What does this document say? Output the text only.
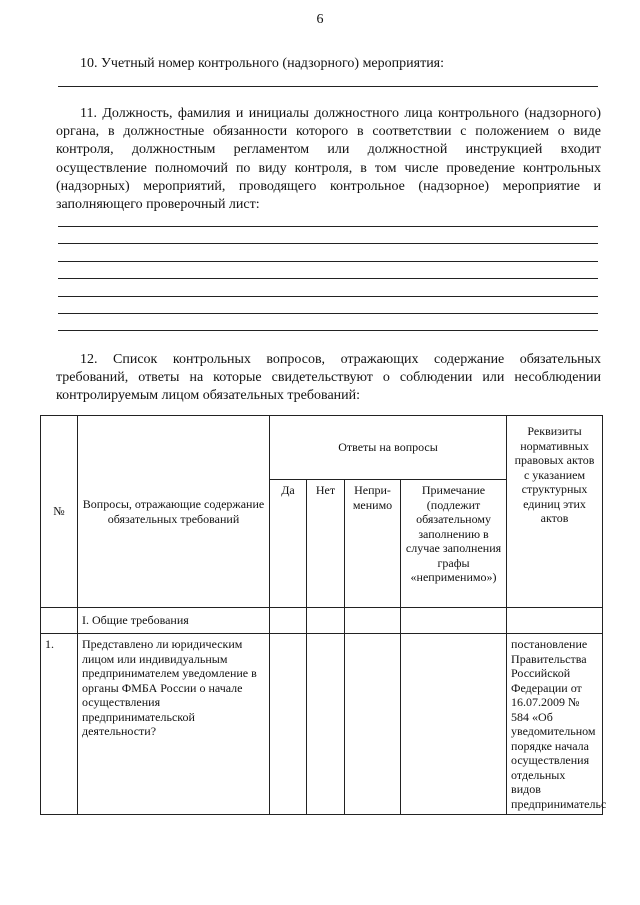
6
10. Учетный номер контрольного (надзорного) мероприятия:
11. Должность, фамилия и инициалы должностного лица контрольного (надзорного) органа, в должностные обязанности которого в соответствии с положением о виде контроля, должностным регламентом или должностной инструкцией входит осуществление полномочий по виду контроля, в том числе проведение контрольных (надзорных) мероприятий, проводящего контрольное (надзорное) мероприятие и заполняющего проверочный лист:
12. Список контрольных вопросов, отражающих содержание обязательных требований, ответы на которые свидетельствуют о соблюдении или несоблюдении контролируемым лицом обязательных требований:
№	Вопросы, отражающие содержание обязательных требований	Ответы на вопросы				Реквизиты нормативных правовых актов с указанием структурных единиц этих актов
		Да	Нет	Непри-менимо	Примечание (подлежит обязательному заполнению в случае заполнения графы «неприменимо»)	
	I. Общие требования					
1.	Представлено ли юридическим лицом или индивидуальным предпринимателем уведомление в органы ФМБА России о начале осуществления предпринимательской деятельности?					постановление Правительства Российской Федерации от 16.07.2009 № 584 «Об уведомительном порядке начала осуществления отдельных видов предпринимательс
